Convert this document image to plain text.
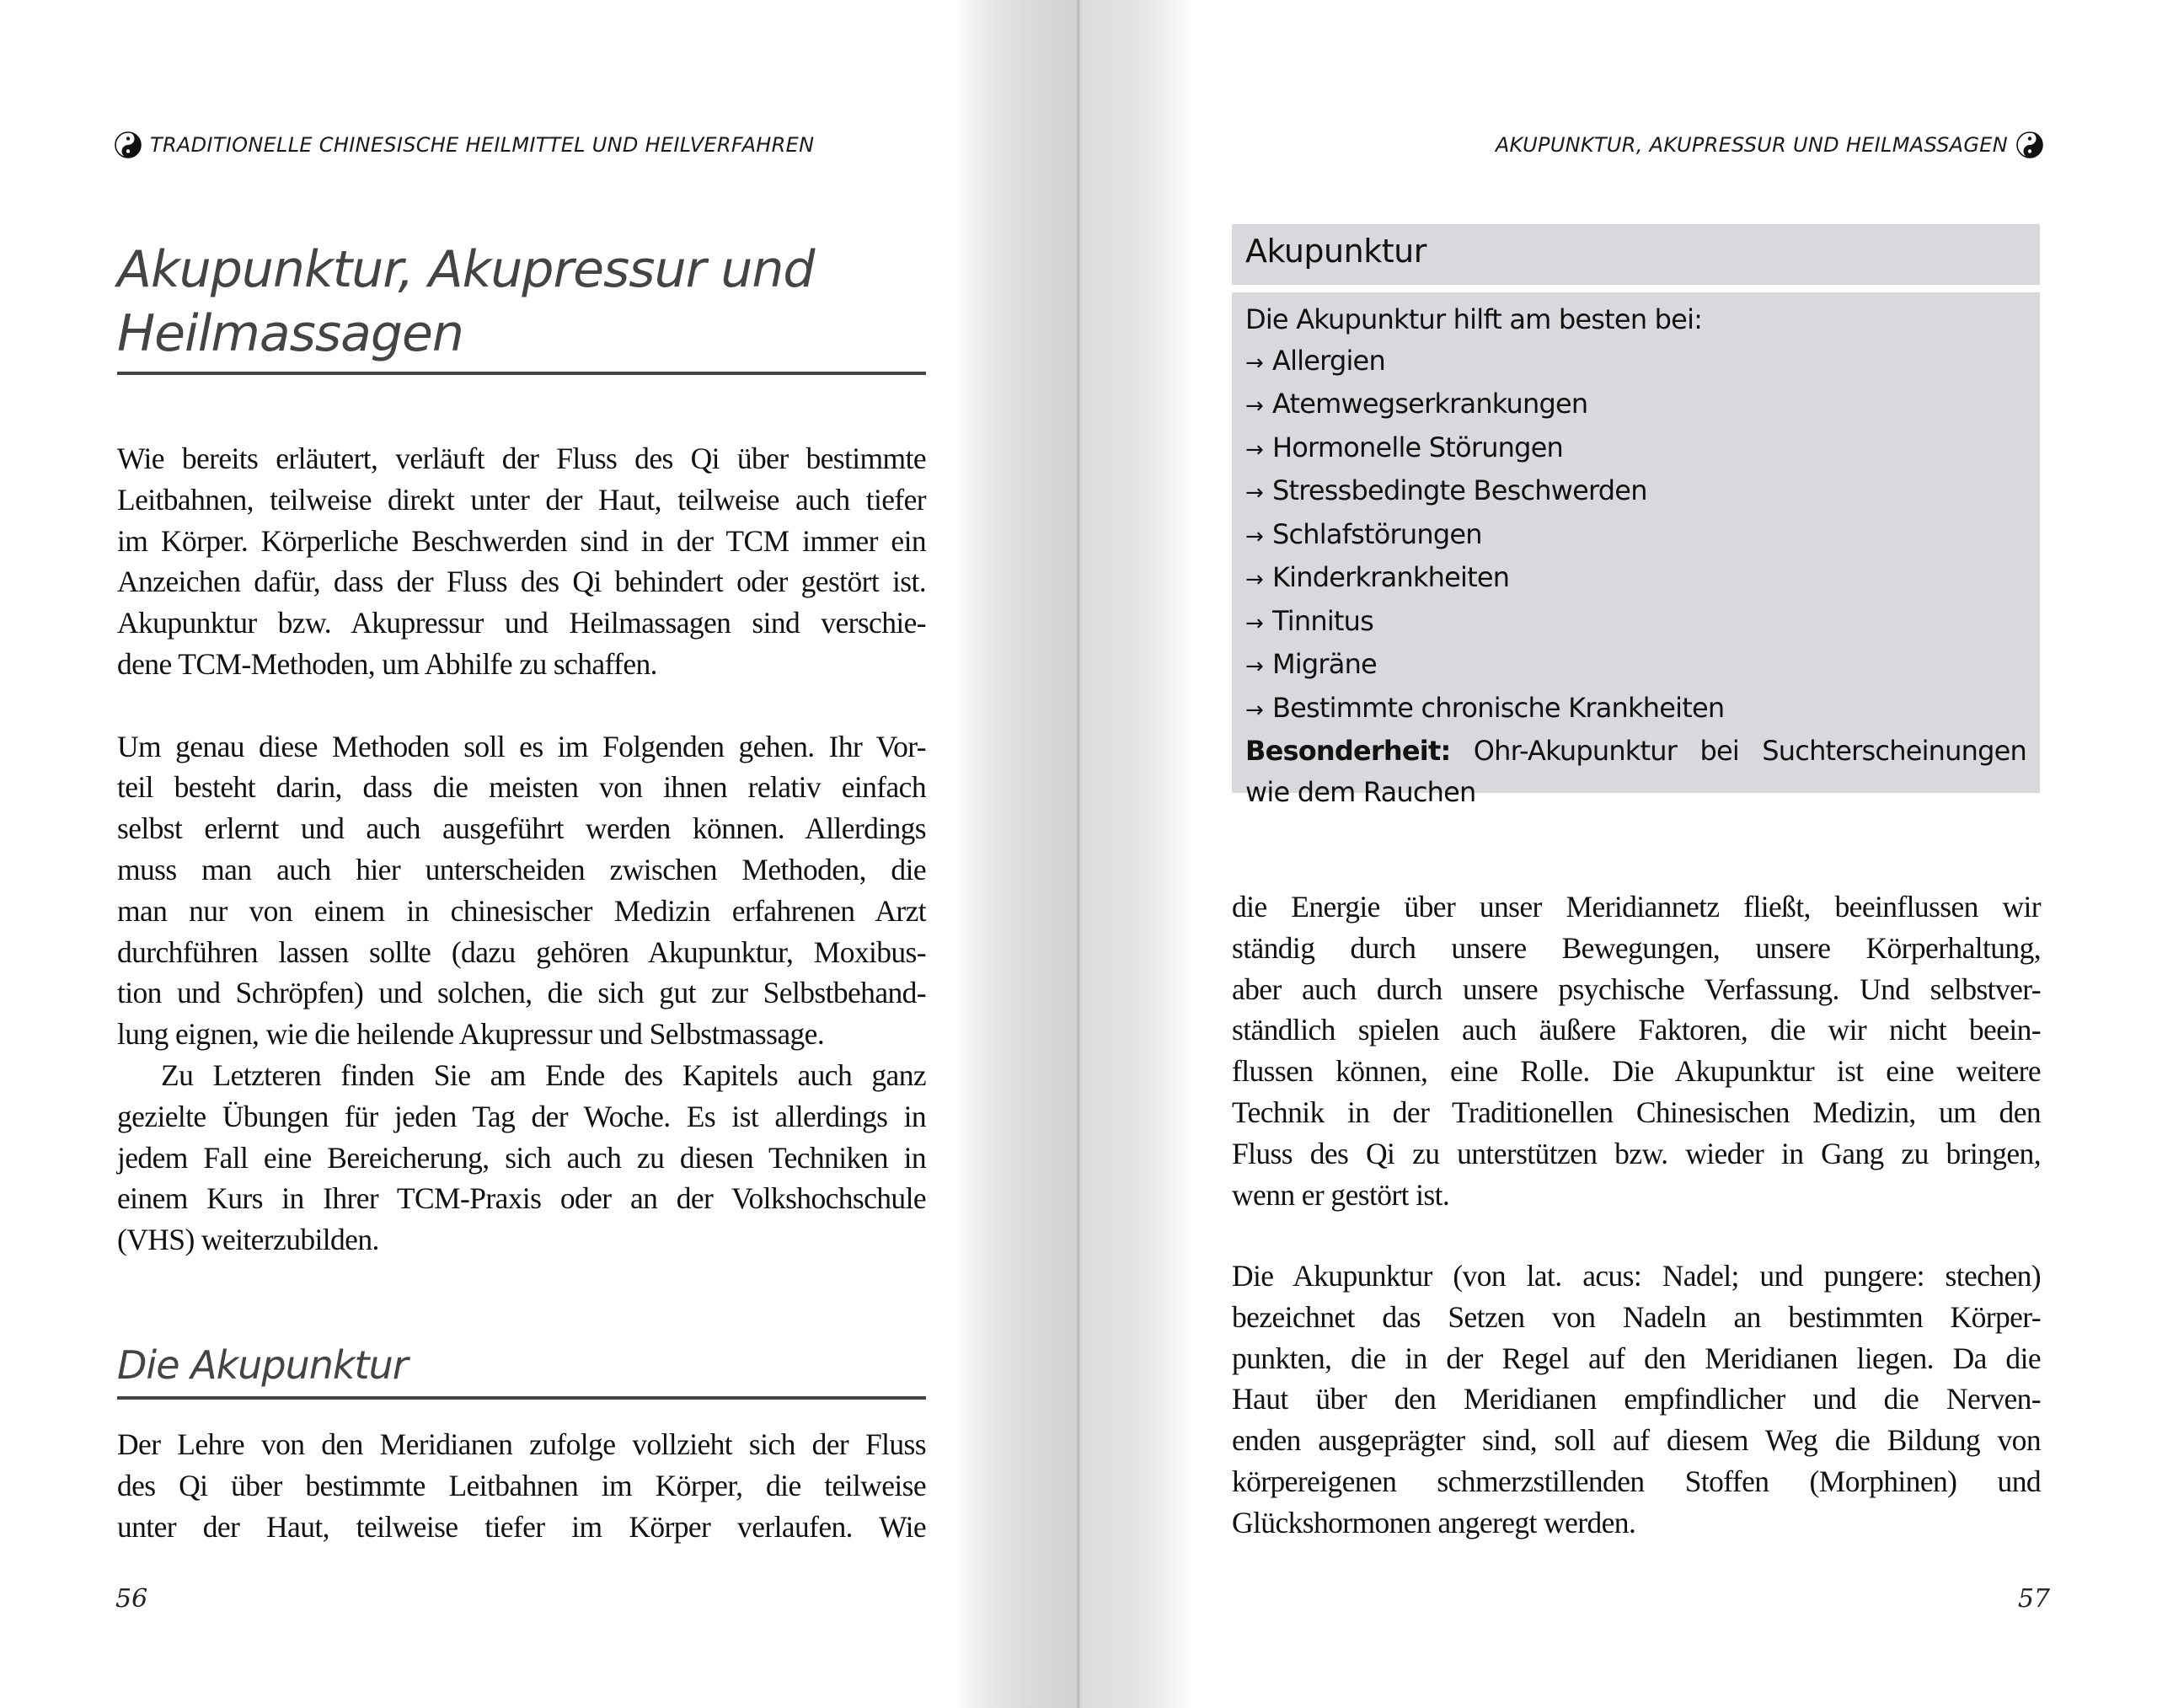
TRADITIONELLE CHINESISCHE HEILMITTEL UND HEILVERFAHREN
Akupunktur, Akupressur und
Heilmassagen

Wie bereits erläutert, verläuft der Fluss des Qi über bestimmte
Leitbahnen, teilweise direkt unter der Haut, teilweise auch tiefer
im Körper. Körperliche Beschwerden sind in der TCM immer ein
Anzeichen dafür, dass der Fluss des Qi behindert oder gestört ist.
Akupunktur bzw. Akupressur und Heilmassagen sind verschie-
dene TCM-Methoden, um Abhilfe zu schaffen.

Um genau diese Methoden soll es im Folgenden gehen. Ihr Vor-
teil besteht darin, dass die meisten von ihnen relativ einfach
selbst erlernt und auch ausgeführt werden können. Allerdings
muss man auch hier unterscheiden zwischen Methoden, die
man nur von einem in chinesischer Medizin erfahrenen Arzt
durchführen lassen sollte (dazu gehören Akupunktur, Moxibus-
tion und Schröpfen) und solchen, die sich gut zur Selbstbehand-
lung eignen, wie die heilende Akupressur und Selbstmassage.

Zu Letzteren finden Sie am Ende des Kapitels auch ganz
gezielte Übungen für jeden Tag der Woche. Es ist allerdings in
jedem Fall eine Bereicherung, sich auch zu diesen Techniken in
einem Kurs in Ihrer TCM-Praxis oder an der Volkshochschule
(VHS) weiterzubilden.

Die Akupunktur

Der Lehre von den Meridianen zufolge vollzieht sich der Fluss
des Qi über bestimmte Leitbahnen im Körper, die teilweise
unter der Haut, teilweise tiefer im Körper verlaufen. Wie

56
AKUPUNKTUR, AKUPRESSUR UND HEILMASSAGEN
Akupunktur
Die Akupunktur hilft am besten bei:
→ Allergien
→ Atemwegserkrankungen
→ Hormonelle Störungen
→ Stressbedingte Beschwerden
→ Schlafstörungen
→ Kinderkrankheiten
→ Tinnitus
→ Migräne
→ Bestimmte chronische Krankheiten
Besonderheit: Ohr-Akupunktur bei Suchterscheinungen
wie dem Rauchen

die Energie über unser Meridiannetz fließt, beeinflussen wir
ständig durch unsere Bewegungen, unsere Körperhaltung,
aber auch durch unsere psychische Verfassung. Und selbstver-
ständlich spielen auch äußere Faktoren, die wir nicht beein-
flussen können, eine Rolle. Die Akupunktur ist eine weitere
Technik in der Traditionellen Chinesischen Medizin, um den
Fluss des Qi zu unterstützen bzw. wieder in Gang zu bringen,
wenn er gestört ist.

Die Akupunktur (von lat. acus: Nadel; und pungere: stechen)
bezeichnet das Setzen von Nadeln an bestimmten Körper-
punkten, die in der Regel auf den Meridianen liegen. Da die
Haut über den Meridianen empfindlicher und die Nerven-
enden ausgeprägter sind, soll auf diesem Weg die Bildung von
körpereigenen schmerzstillenden Stoffen (Morphinen) und
Glückshormonen angeregt werden.

57
